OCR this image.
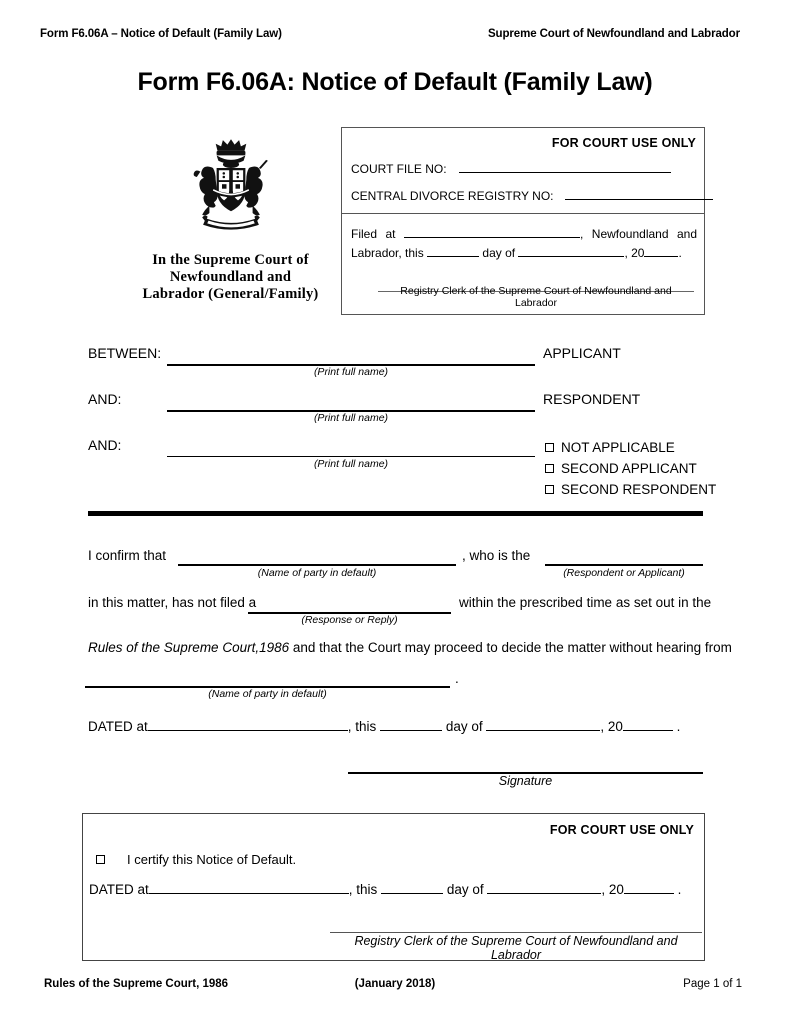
Form F6.06A – Notice of Default (Family Law)	Supreme Court of Newfoundland and Labrador
Form F6.06A: Notice of Default (Family Law)
In the Supreme Court of
Newfoundland and
Labrador (General/Family)
FOR COURT USE ONLY
COURT FILE NO:
CENTRAL DIVORCE REGISTRY NO:
Filed at	, Newfoundland and Labrador, this	day of	, 20	.
Registry Clerk of the Supreme Court of Newfoundland and Labrador
BETWEEN:
(Print full name)
APPLICANT
AND:
(Print full name)
RESPONDENT
AND:
(Print full name)
NOT APPLICABLE
SECOND APPLICANT
SECOND RESPONDENT
I confirm that
(Name of party in default)
, who is the
(Respondent or Applicant)
in this matter, has not filed a
(Response or Reply)
within the prescribed time as set out in the
Rules of the Supreme Court,1986 and that the Court may proceed to decide the matter without hearing from
(Name of party in default)
.
DATED at	, this	day of	, 20	.
Signature
FOR COURT USE ONLY
I certify this Notice of Default.
DATED at	, this	day of	, 20	.
Registry Clerk of the Supreme Court of Newfoundland and Labrador
Rules of the Supreme Court, 1986	(January 2018)	Page 1 of 1
